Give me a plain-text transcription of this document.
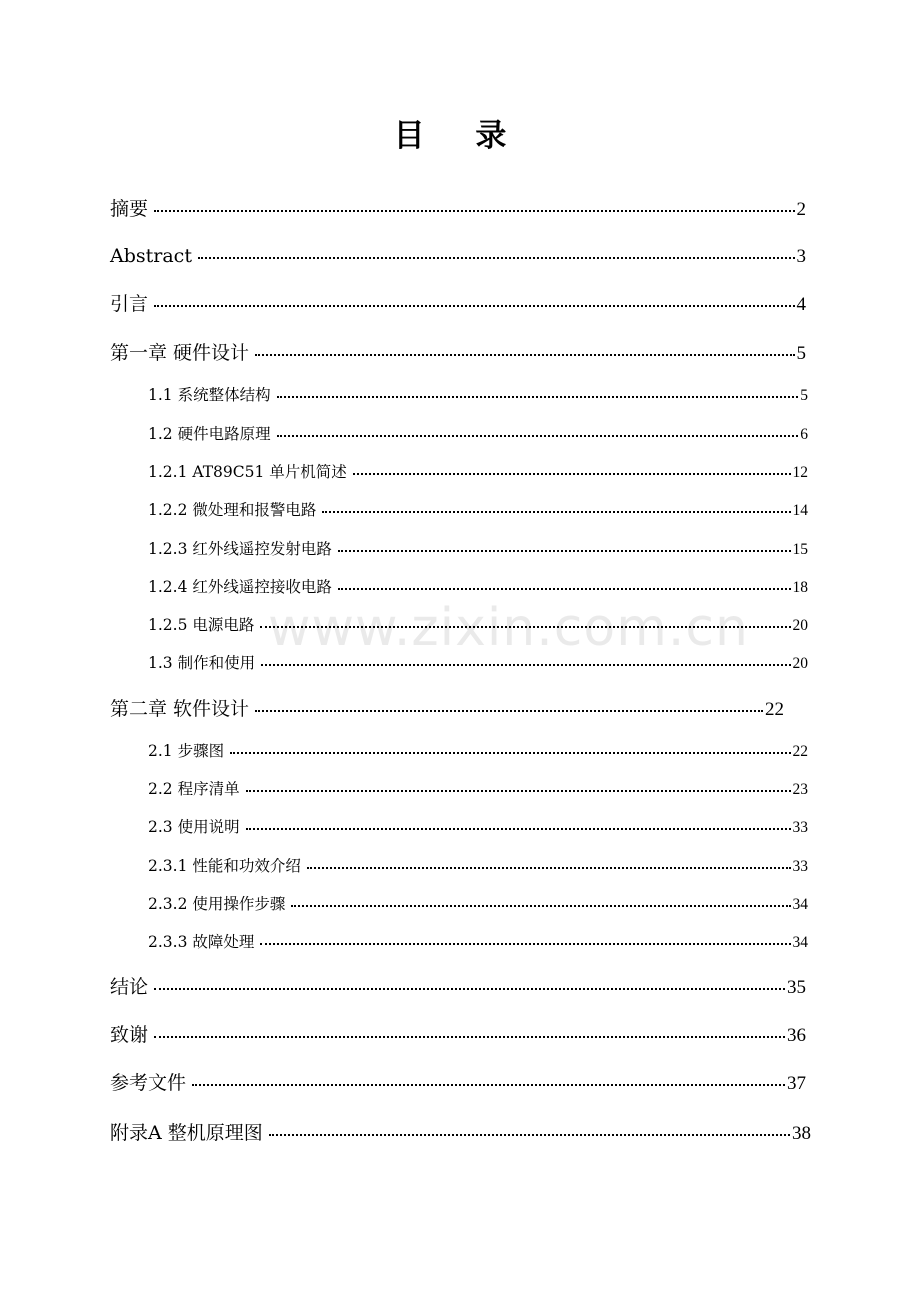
目 录
www.zixin.com.cn
摘要	2
Abstract	3
引言	4
第一章 硬件设计	5
1.1 系统整体结构	5
1.2 硬件电路原理	6
1.2.1 AT89C51 单片机简述	12
1.2.2 微处理和报警电路	14
1.2.3 红外线遥控发射电路	15
1.2.4 红外线遥控接收电路	18
1.2.5 电源电路	20
1.3 制作和使用	20
第二章 软件设计	22
2.1 步骤图	22
2.2 程序清单	23
2.3 使用说明	33
2.3.1 性能和功效介绍	33
2.3.2 使用操作步骤	34
2.3.3 故障处理	34
结论	35
致谢	36
参考文件	37
附录A 整机原理图	38
